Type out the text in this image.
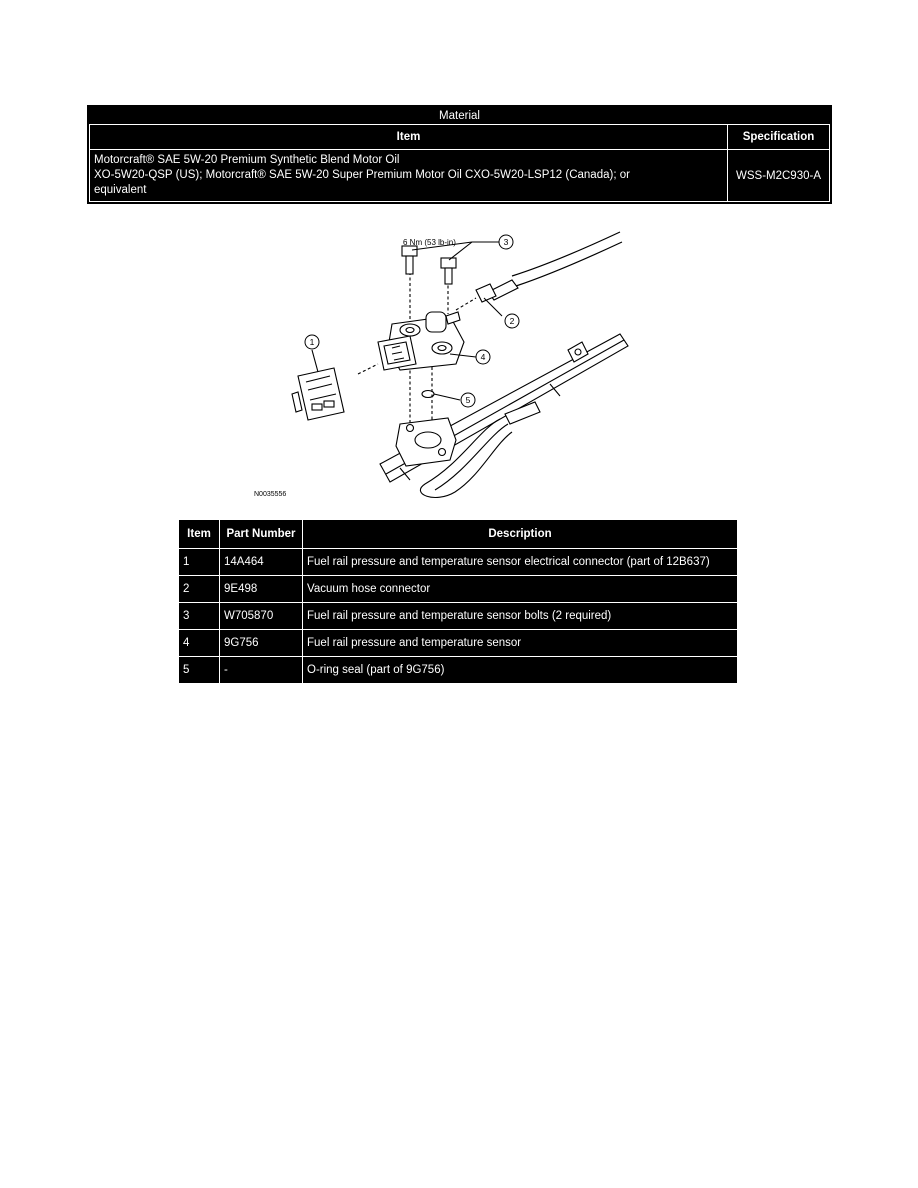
Material	
Item	Specification
Motorcraft® SAE 5W-20 Premium Synthetic Blend Motor Oil
XO-5W20-QSP (US); Motorcraft® SAE 5W-20 Super Premium Motor Oil CXO-5W20-LSP12 (Canada); or
equivalent	WSS-M2C930-A
6 Nm (53 lb-in)	3
2
4
5
1
N0035556
Item	Part Number	Description
1	14A464	Fuel rail pressure and temperature sensor electrical connector (part of 12B637)
2	9E498	Vacuum hose connector
3	W705870	Fuel rail pressure and temperature sensor bolts (2 required)
4	9G756	Fuel rail pressure and temperature sensor
5	-	O-ring seal (part of 9G756)
